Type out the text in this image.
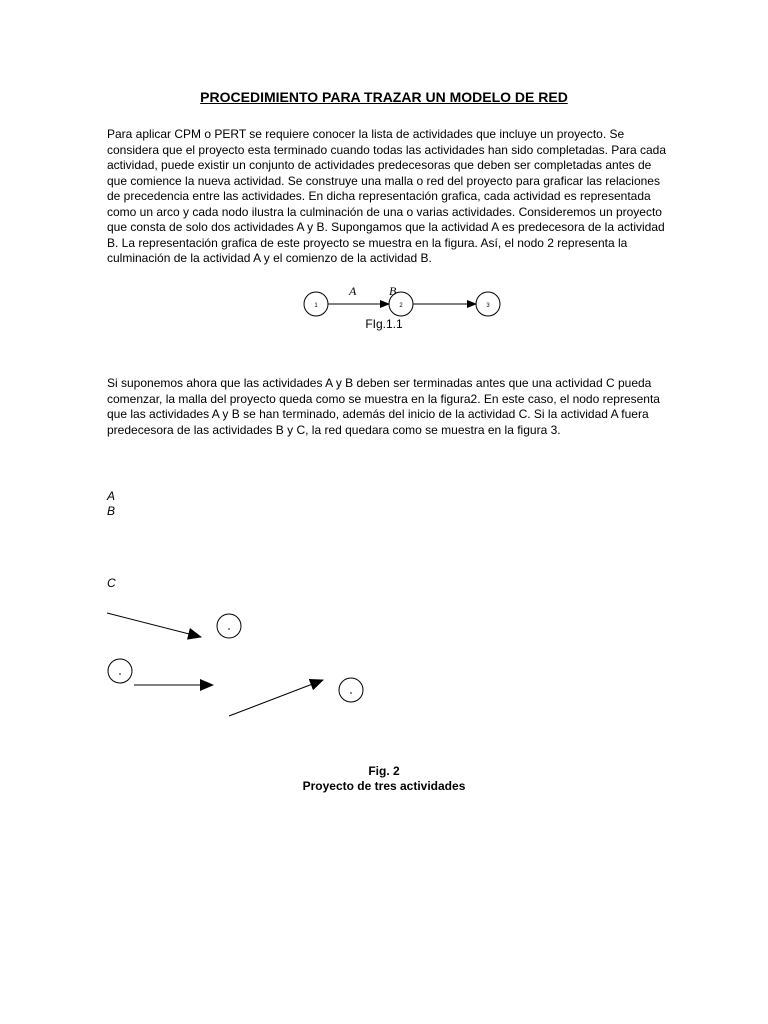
PROCEDIMIENTO PARA TRAZAR UN MODELO DE RED

Para aplicar CPM o PERT se requiere conocer la lista de actividades que incluye un proyecto. Se considera que el proyecto esta terminado cuando todas las actividades han sido completadas. Para cada actividad, puede existir un conjunto de actividades predecesoras que deben ser completadas antes de que comience la nueva actividad. Se construye una malla o red del proyecto para graficar las relaciones de precedencia entre las actividades. En dicha representación grafica, cada actividad es representada como un arco y cada nodo ilustra la culminación de una o varias actividades. Consideremos un proyecto que consta de solo dos actividades A y B. Supongamos que la actividad A es predecesora de la actividad B. La representación grafica de este proyecto se muestra en la figura. Así, el nodo 2 representa la culminación de la actividad A y el comienzo de la actividad B.

1	2	3
A	B
FIg.1.1

Si suponemos ahora que las actividades A y B deben ser terminadas antes que una actividad C pueda comenzar, la malla del proyecto queda como se muestra en la figura2. En este caso, el nodo representa que las actividades A y B se han terminado, además del inicio de la actividad C. Si la actividad A fuera predecesora de las actividades B y C, la red quedara como se muestra en la figura 3.

A
B
C
Fig. 2
Proyecto de tres actividades
